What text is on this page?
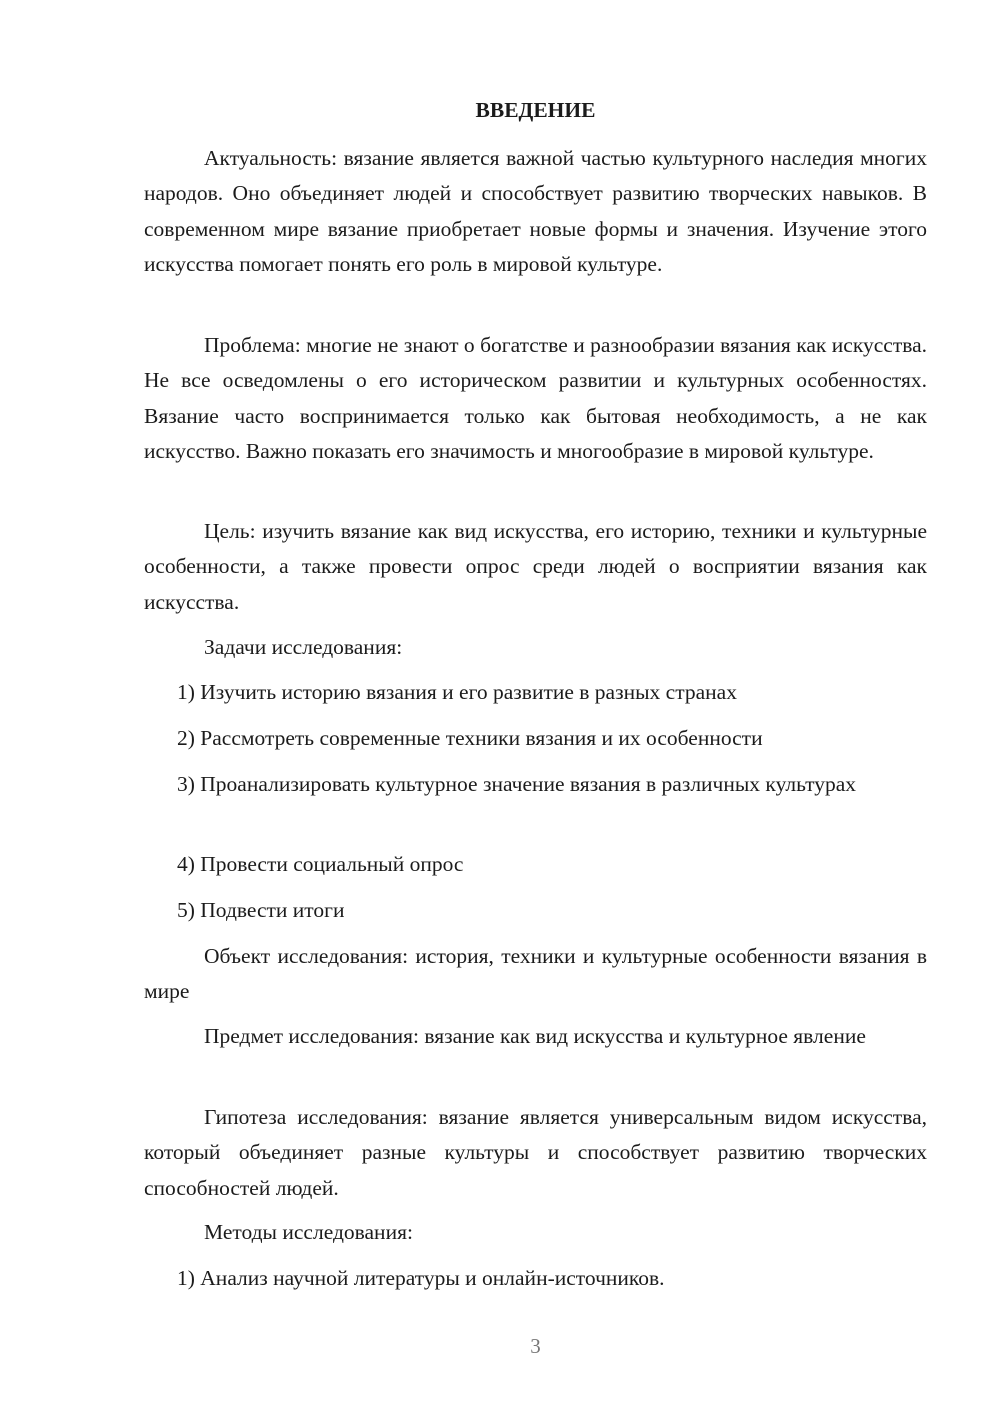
ВВЕДЕНИЕ

Актуальность: вязание является важной частью культурного наследия многих народов. Оно объединяет людей и способствует развитию творческих навыков. В современном мире вязание приобретает новые формы и значения. Изучение этого искусства помогает понять его роль в мировой культуре.

Проблема: многие не знают о богатстве и разнообразии вязания как искусства. Не все осведомлены о его историческом развитии и культурных особенностях. Вязание часто воспринимается только как бытовая необходимость, а не как искусство. Важно показать его значимость и многообразие в мировой культуре.

Цель: изучить вязание как вид искусства, его историю, техники и культурные особенности, а также провести опрос среди людей о восприятии вязания как искусства.

Задачи исследования:

1) Изучить историю вязания и его развитие в разных странах

2) Рассмотреть современные техники вязания и их особенности

3) Проанализировать культурное значение вязания в различных культурах

4) Провести социальный опрос

5) Подвести итоги

Объект исследования: история, техники и культурные особенности вязания в мире

Предмет исследования: вязание как вид искусства и культурное явление

Гипотеза исследования: вязание является универсальным видом искусства, который объединяет разные культуры и способствует развитию творческих способностей людей.

Методы исследования:

1) Анализ научной литературы и онлайн-источников.

3
